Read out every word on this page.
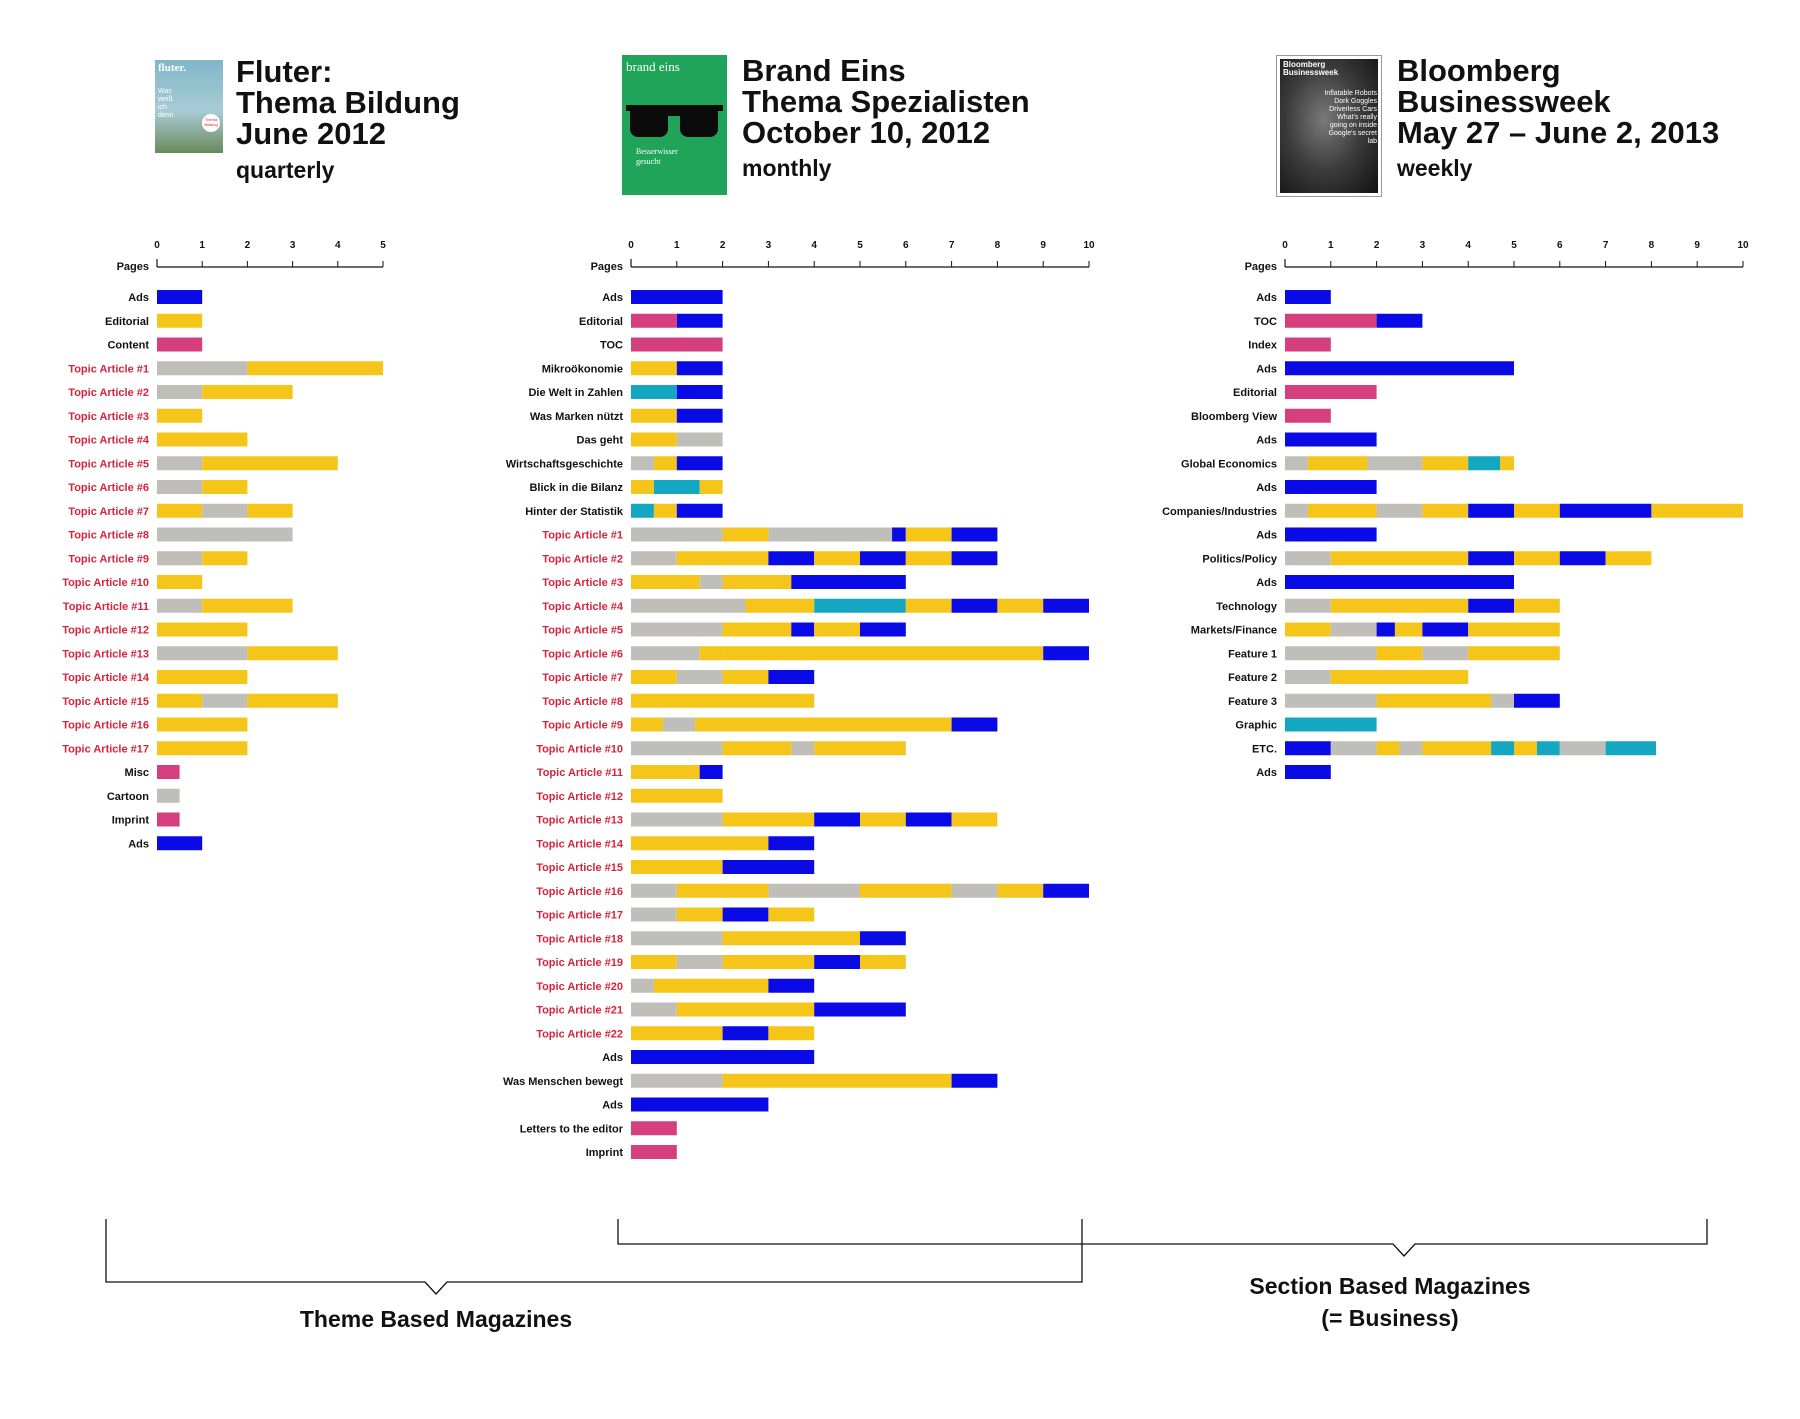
fluter.
Was
weiß
ich
denn
Thema Bildung
Fluter:
Thema Bildung
June 2012
quarterly
brand eins
Besserwisser
gesucht
Brand Eins
Thema Spezialisten
October 10, 2012
monthly
Bloomberg Businessweek
Inflatable Robots
Dork Goggles
Driverless Cars
What's really going on inside Google's secret lab
Bloomberg
Businessweek
May 27 – June 2, 2013
weekly
0	1	2	3	4	5
Pages
Ads
Editorial
Content
Topic Article #1
Topic Article #2
Topic Article #3
Topic Article #4
Topic Article #5
Topic Article #6
Topic Article #7
Topic Article #8
Topic Article #9
Topic Article #10
Topic Article #11
Topic Article #12
Topic Article #13
Topic Article #14
Topic Article #15
Topic Article #16
Topic Article #17
Misc
Cartoon
Imprint
Ads
0	1	2	3	4	5	6	7	8	9	10
Pages
Ads
Editorial
TOC
Mikroökonomie
Die Welt in Zahlen
Was Marken nützt
Das geht
Wirtschaftsgeschichte
Blick in die Bilanz
Hinter der Statistik
Topic Article #1
Topic Article #2
Topic Article #3
Topic Article #4
Topic Article #5
Topic Article #6
Topic Article #7
Topic Article #8
Topic Article #9
Topic Article #10
Topic Article #11
Topic Article #12
Topic Article #13
Topic Article #14
Topic Article #15
Topic Article #16
Topic Article #17
Topic Article #18
Topic Article #19
Topic Article #20
Topic Article #21
Topic Article #22
Ads
Was Menschen bewegt
Ads
Letters to the editor
Imprint
0	1	2	3	4	5	6	7	8	9	10
Pages
Ads
TOC
Index
Ads
Editorial
Bloomberg View
Ads
Global Economics
Ads
Companies/Industries
Ads
Politics/Policy
Ads
Technology
Markets/Finance
Feature 1
Feature 2
Feature 3
Graphic
ETC.
Ads
Theme Based Magazines
Section Based Magazines
(= Business)
